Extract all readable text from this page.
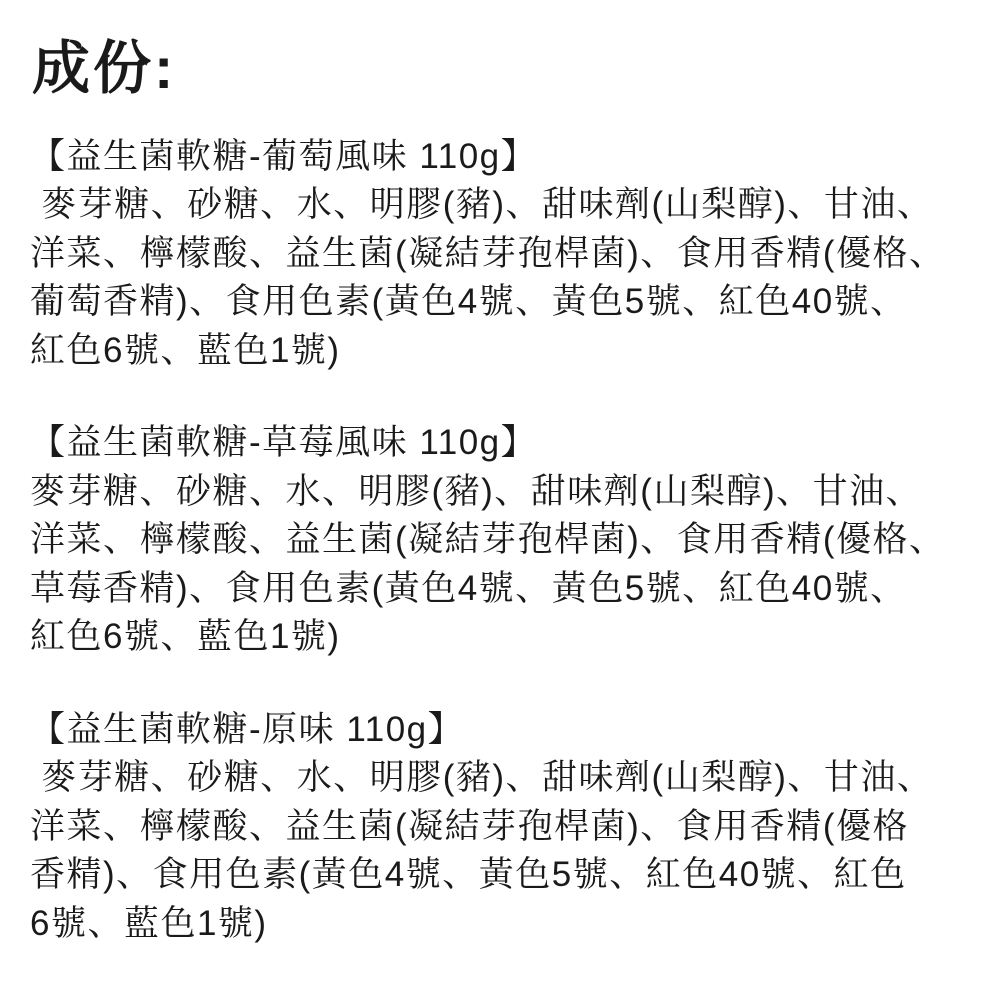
成份:
【益生菌軟糖-葡萄風味 110g】
麥芽糖、砂糖、水、明膠(豬)、甜味劑(山梨醇)、甘油、
洋菜、檸檬酸、益生菌(凝結芽孢桿菌)、食用香精(優格、
葡萄香精)、食用色素(黃色4號、黃色5號、紅色40號、
紅色6號、藍色1號)
【益生菌軟糖-草莓風味 110g】
麥芽糖、砂糖、水、明膠(豬)、甜味劑(山梨醇)、甘油、
洋菜、檸檬酸、益生菌(凝結芽孢桿菌)、食用香精(優格、
草莓香精)、食用色素(黃色4號、黃色5號、紅色40號、
紅色6號、藍色1號)
【益生菌軟糖-原味 110g】
麥芽糖、砂糖、水、明膠(豬)、甜味劑(山梨醇)、甘油、
洋菜、檸檬酸、益生菌(凝結芽孢桿菌)、食用香精(優格
香精)、食用色素(黃色4號、黃色5號、紅色40號、紅色
6號、藍色1號)
